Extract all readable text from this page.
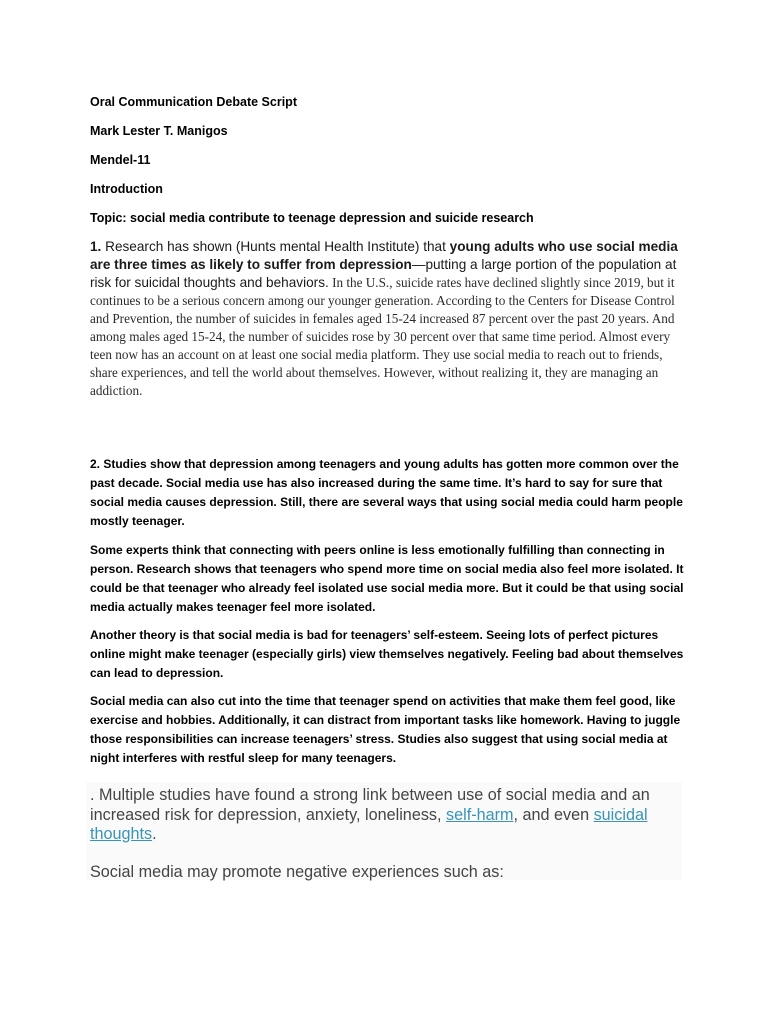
Oral Communication Debate Script
Mark Lester T. Manigos
Mendel-11
Introduction
Topic: social media contribute to teenage depression and suicide research
1. Research has shown (Hunts mental Health Institute) that young adults who use social media are three times as likely to suffer from depression—putting a large portion of the population at risk for suicidal thoughts and behaviors. In the U.S., suicide rates have declined slightly since 2019, but it continues to be a serious concern among our younger generation. According to the Centers for Disease Control and Prevention, the number of suicides in females aged 15-24 increased 87 percent over the past 20 years. And among males aged 15-24, the number of suicides rose by 30 percent over that same time period. Almost every teen now has an account on at least one social media platform. They use social media to reach out to friends, share experiences, and tell the world about themselves. However, without realizing it, they are managing an addiction.
2. Studies show that depression among teenagers and young adults has gotten more common over the past decade. Social media use has also increased during the same time. It’s hard to say for sure that social media causes depression. Still, there are several ways that using social media could harm people mostly teenager.
Some experts think that connecting with peers online is less emotionally fulfilling than connecting in person. Research shows that teenagers who spend more time on social media also feel more isolated. It could be that teenager who already feel isolated use social media more. But it could be that using social media actually makes teenager feel more isolated.
Another theory is that social media is bad for teenagers’ self-esteem. Seeing lots of perfect pictures online might make teenager (especially girls) view themselves negatively. Feeling bad about themselves can lead to depression.
Social media can also cut into the time that teenager spend on activities that make them feel good, like exercise and hobbies. Additionally, it can distract from important tasks like homework. Having to juggle those responsibilities can increase teenagers’ stress. Studies also suggest that using social media at night interferes with restful sleep for many teenagers.
. Multiple studies have found a strong link between use of social media and an increased risk for depression, anxiety, loneliness, self-harm, and even suicidal thoughts.
Social media may promote negative experiences such as:
